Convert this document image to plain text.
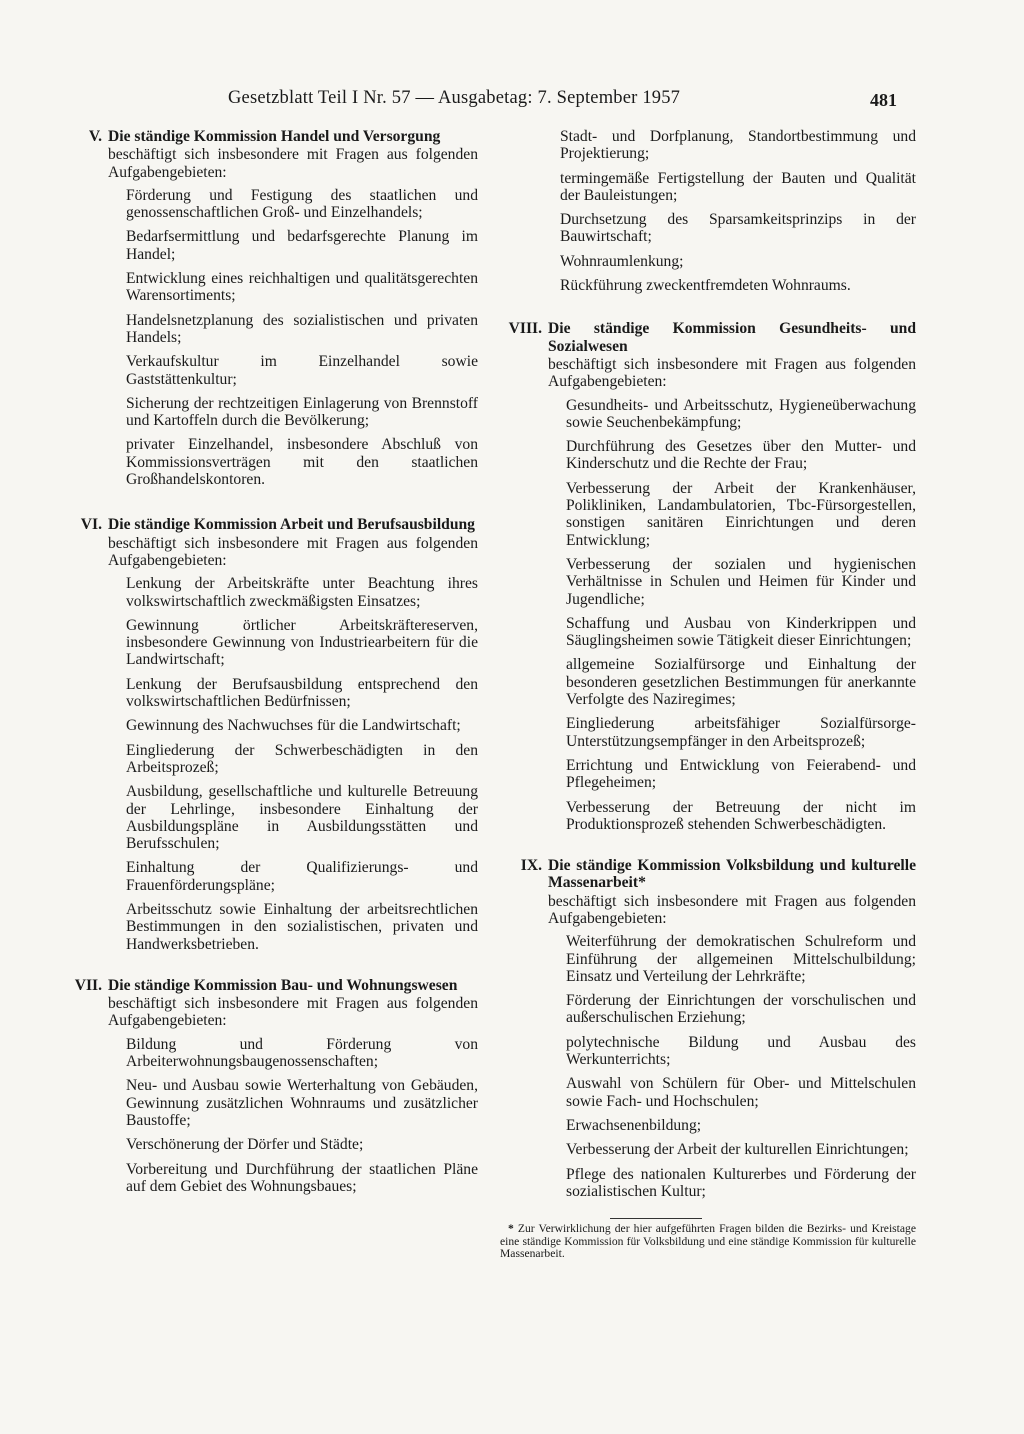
Gesetzblatt Teil I Nr. 57 — Ausgabetag: 7. September 1957	481
V. Die ständige Kommission Handel und Versorgung
beschäftigt sich insbesondere mit Fragen aus folgenden Aufgabengebieten:
Förderung und Festigung des staatlichen und genossenschaftlichen Groß- und Einzelhandels;
Bedarfsermittlung und bedarfsgerechte Planung im Handel;
Entwicklung eines reichhaltigen und qualitätsgerechten Warensortiments;
Handelsnetzplanung des sozialistischen und privaten Handels;
Verkaufskultur im Einzelhandel sowie Gaststättenkultur;
Sicherung der rechtzeitigen Einlagerung von Brennstoff und Kartoffeln durch die Bevölkerung;
privater Einzelhandel, insbesondere Abschluß von Kommissionsverträgen mit den staatlichen Großhandelskontoren.
VI. Die ständige Kommission Arbeit und Berufsausbildung
beschäftigt sich insbesondere mit Fragen aus folgenden Aufgabengebieten:
Lenkung der Arbeitskräfte unter Beachtung ihres volkswirtschaftlich zweckmäßigsten Einsatzes;
Gewinnung örtlicher Arbeitskräftereserven, insbesondere Gewinnung von Industriearbeitern für die Landwirtschaft;
Lenkung der Berufsausbildung entsprechend den volkswirtschaftlichen Bedürfnissen;
Gewinnung des Nachwuchses für die Landwirtschaft;
Eingliederung der Schwerbeschädigten in den Arbeitsprozeß;
Ausbildung, gesellschaftliche und kulturelle Betreuung der Lehrlinge, insbesondere Einhaltung der Ausbildungspläne in Ausbildungsstätten und Berufsschulen;
Einhaltung der Qualifizierungs- und Frauenförderungspläne;
Arbeitsschutz sowie Einhaltung der arbeitsrechtlichen Bestimmungen in den sozialistischen, privaten und Handwerksbetrieben.
VII. Die ständige Kommission Bau- und Wohnungswesen
beschäftigt sich insbesondere mit Fragen aus folgenden Aufgabengebieten:
Bildung und Förderung von Arbeiterwohnungsbaugenossenschaften;
Neu- und Ausbau sowie Werterhaltung von Gebäuden, Gewinnung zusätzlichen Wohnraums und zusätzlicher Baustoffe;
Verschönerung der Dörfer und Städte;
Vorbereitung und Durchführung der staatlichen Pläne auf dem Gebiet des Wohnungsbaues;
Stadt- und Dorfplanung, Standortbestimmung und Projektierung;
termingemäße Fertigstellung der Bauten und Qualität der Bauleistungen;
Durchsetzung des Sparsamkeitsprinzips in der Bauwirtschaft;
Wohnraumlenkung;
Rückführung zweckentfremdeten Wohnraums.
VIII. Die ständige Kommission Gesundheits- und Sozialwesen
beschäftigt sich insbesondere mit Fragen aus folgenden Aufgabengebieten:
Gesundheits- und Arbeitsschutz, Hygieneüberwachung sowie Seuchenbekämpfung;
Durchführung des Gesetzes über den Mutter- und Kinderschutz und die Rechte der Frau;
Verbesserung der Arbeit der Krankenhäuser, Polikliniken, Landambulatorien, Tbc-Fürsorgestellen, sonstigen sanitären Einrichtungen und deren Entwicklung;
Verbesserung der sozialen und hygienischen Verhältnisse in Schulen und Heimen für Kinder und Jugendliche;
Schaffung und Ausbau von Kinderkrippen und Säuglingsheimen sowie Tätigkeit dieser Einrichtungen;
allgemeine Sozialfürsorge und Einhaltung der besonderen gesetzlichen Bestimmungen für anerkannte Verfolgte des Naziregimes;
Eingliederung arbeitsfähiger Sozialfürsorge-Unterstützungsempfänger in den Arbeitsprozeß;
Errichtung und Entwicklung von Feierabend- und Pflegeheimen;
Verbesserung der Betreuung der nicht im Produktionsprozeß stehenden Schwerbeschädigten.
IX. Die ständige Kommission Volksbildung und kulturelle Massenarbeit*
beschäftigt sich insbesondere mit Fragen aus folgenden Aufgabengebieten:
Weiterführung der demokratischen Schulreform und Einführung der allgemeinen Mittelschulbildung; Einsatz und Verteilung der Lehrkräfte;
Förderung der Einrichtungen der vorschulischen und außerschulischen Erziehung;
polytechnische Bildung und Ausbau des Werkunterrichts;
Auswahl von Schülern für Ober- und Mittelschulen sowie Fach- und Hochschulen;
Erwachsenenbildung;
Verbesserung der Arbeit der kulturellen Einrichtungen;
Pflege des nationalen Kulturerbes und Förderung der sozialistischen Kultur;
* Zur Verwirklichung der hier aufgeführten Fragen bilden die Bezirks- und Kreistage eine ständige Kommission für Volksbildung und eine ständige Kommission für kulturelle Massenarbeit.
